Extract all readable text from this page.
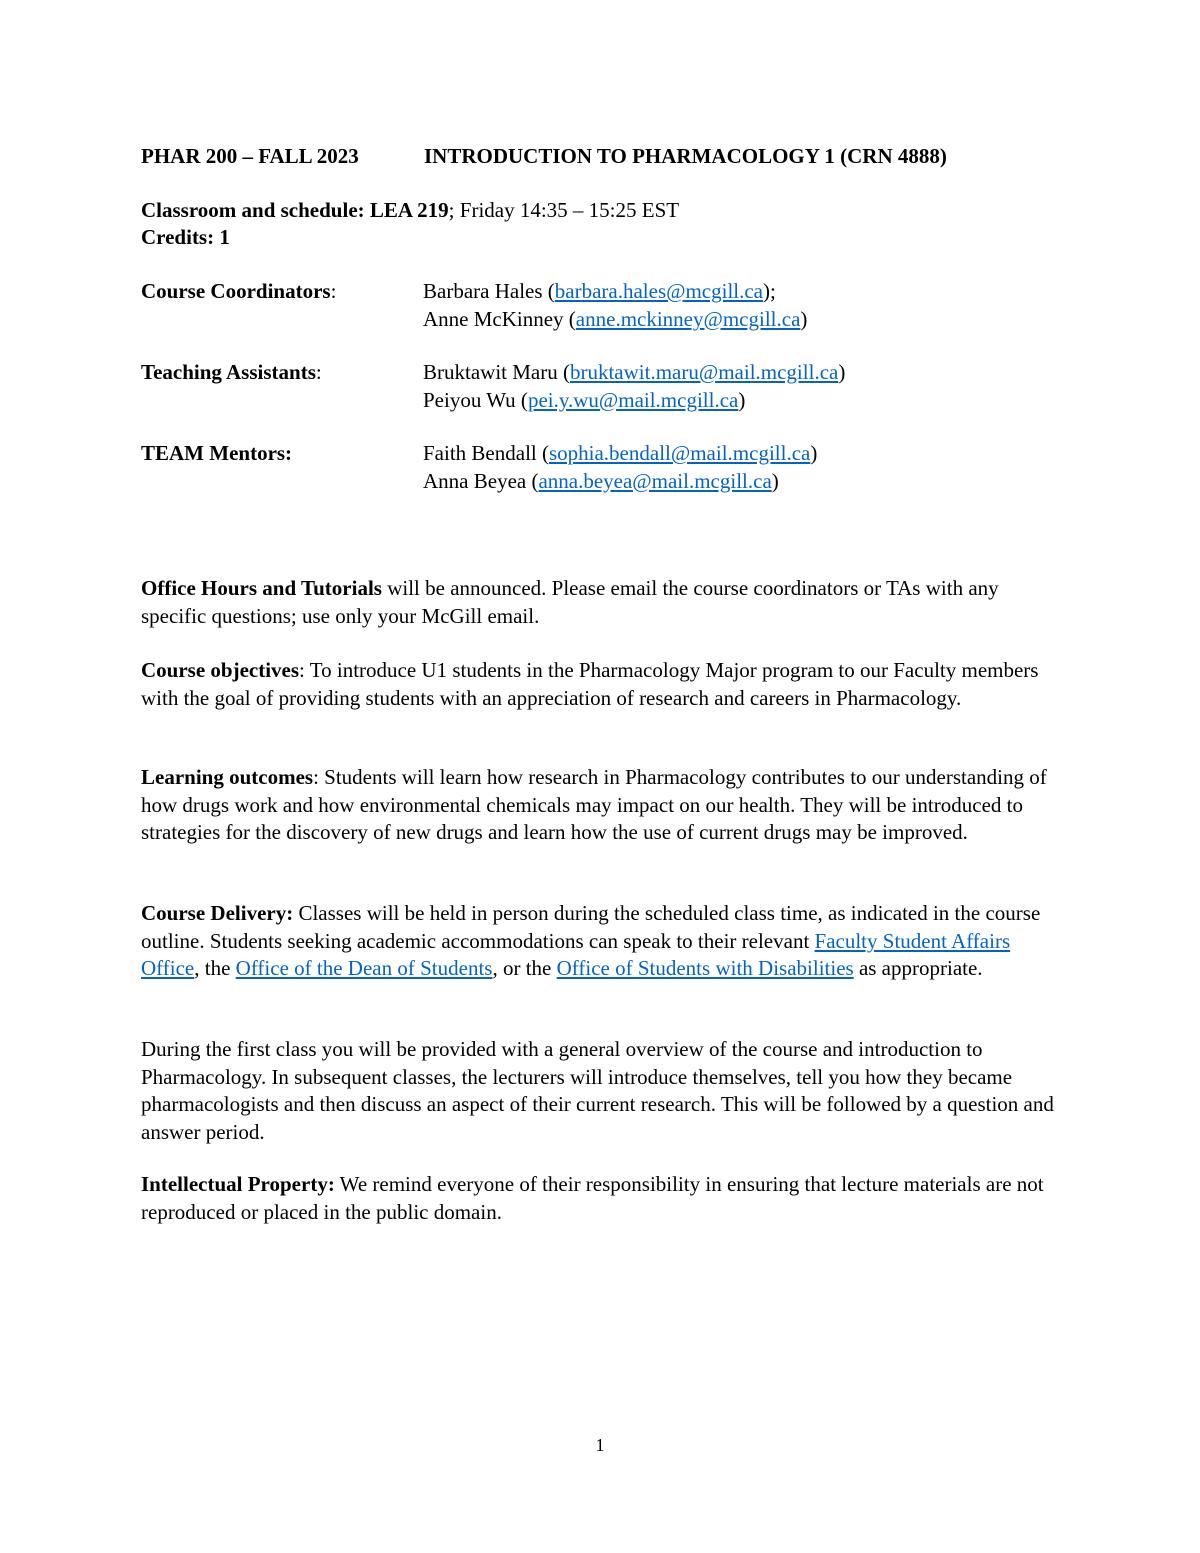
PHAR 200 – FALL 2023	INTRODUCTION TO PHARMACOLOGY 1 (CRN 4888)
Classroom and schedule: LEA 219; Friday 14:35 – 15:25 EST
Credits: 1
Course Coordinators:	Barbara Hales (barbara.hales@mcgill.ca);
Anne McKinney (anne.mckinney@mcgill.ca)
Teaching Assistants:	Bruktawit Maru (bruktawit.maru@mail.mcgill.ca)
Peiyou Wu (pei.y.wu@mail.mcgill.ca)
TEAM Mentors:	Faith Bendall (sophia.bendall@mail.mcgill.ca)
Anna Beyea (anna.beyea@mail.mcgill.ca)
Office Hours and Tutorials will be announced. Please email the course coordinators or TAs with any specific questions; use only your McGill email.
Course objectives: To introduce U1 students in the Pharmacology Major program to our Faculty members with the goal of providing students with an appreciation of research and careers in Pharmacology.
Learning outcomes: Students will learn how research in Pharmacology contributes to our understanding of how drugs work and how environmental chemicals may impact on our health. They will be introduced to strategies for the discovery of new drugs and learn how the use of current drugs may be improved.
Course Delivery: Classes will be held in person during the scheduled class time, as indicated in the course outline. Students seeking academic accommodations can speak to their relevant Faculty Student Affairs Office, the Office of the Dean of Students, or the Office of Students with Disabilities as appropriate.
During the first class you will be provided with a general overview of the course and introduction to Pharmacology. In subsequent classes, the lecturers will introduce themselves, tell you how they became pharmacologists and then discuss an aspect of their current research. This will be followed by a question and answer period.
Intellectual Property: We remind everyone of their responsibility in ensuring that lecture materials are not reproduced or placed in the public domain.
1
